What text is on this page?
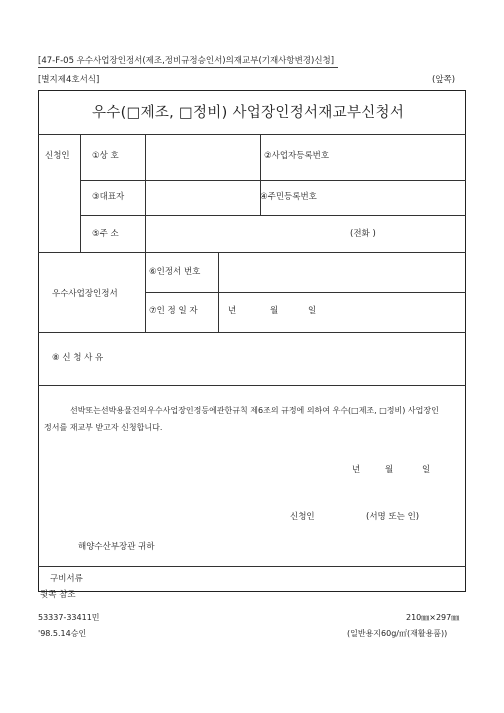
[47-F-05 우수사업장인정서(제조,정비규정승인서)의재교부(기재사항변경)신청]
[별지제4호서식]	(앞쪽)
우수(□제조, □정비) 사업장인정서재교부신청서
신청인	①상 호	②사업자등록번호
③대표자	④주민등록번호
⑤주 소	(전화 )
우수사업장인정서
⑥인정서 번호
⑦인 정 일 자	년	월	일
⑧ 신 청 사 유
선박또는선박용물건의우수사업장인정등에관한규칙 제6조의 규정에 의하여 우수(□제조, □정비) 사업장인정서를 재교부 받고자 신청합니다.
년	월	일
신청인	(서명 또는 인)
해양수산부장관 귀하
구비서류
뒷쪽 참조
53337-33411민	210㎜×297㎜
'98.5.14승인	(일반용지60g/㎡(재활용품))
